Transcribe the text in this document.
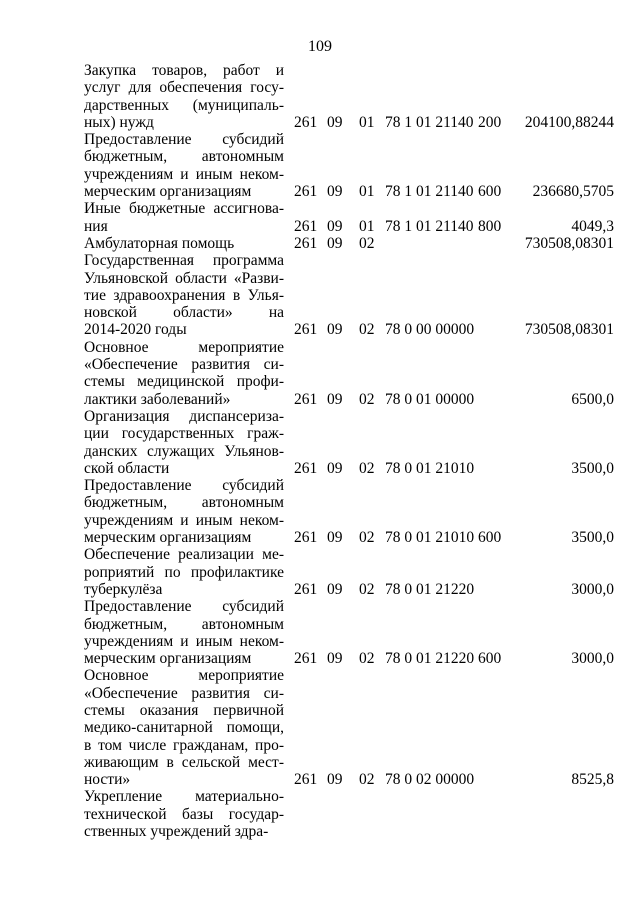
109
Закупка товаров, работ и
услуг для обеспечения госу-
дарственных (муниципаль-
ных) нужд	261 09 01 78 1 01 21140 200 204100,88244
Предоставление субсидий
бюджетным, автономным
учреждениям и иным неком-
мерческим организациям	261 09 01 78 1 01 21140 600 236680,5705
Иные бюджетные ассигнова-
ния	261 09 01 78 1 01 21140 800	4049,3
Амбулаторная помощь	261 09 02	730508,08301
Государственная программа
Ульяновской области «Разви-
тие здравоохранения в Улья-
новской области» на
2014-2020 годы	261 09 02 78 0 00 00000	730508,08301
Основное мероприятие
«Обеспечение развития си-
стемы медицинской профи-
лактики заболеваний»	261 09 02 78 0 01 00000	6500,0
Организация диспансеризa-
ции государственных граж-
данских служащих Ульянов-
ской области	261 09 02 78 0 01 21010	3500,0
Предоставление субсидий
бюджетным, автономным
учреждениям и иным неком-
мерческим организациям	261 09 02 78 0 01 21010 600	3500,0
Обеспечение реализации ме-
роприятий по профилактике
туберкулёза	261 09 02 78 0 01 21220	3000,0
Предоставление субсидий
бюджетным, автономным
учреждениям и иным неком-
мерческим организациям	261 09 02 78 0 01 21220 600	3000,0
Основное мероприятие
«Обеспечение развития си-
стемы оказания первичной
медико-санитарной помощи,
в том числе гражданам, про-
живающим в сельской мест-
ности»	261 09 02 78 0 02 00000	8525,8
Укрепление материально-
технической базы государ-
ственных учреждений здра-
